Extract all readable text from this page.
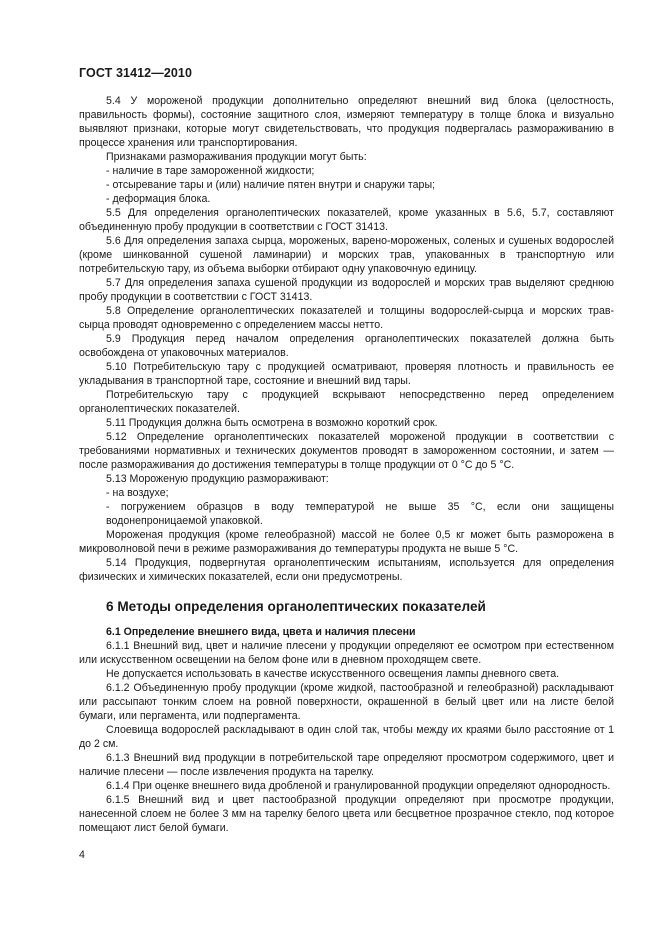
ГОСТ 31412—2010

5.4 У мороженой продукции дополнительно определяют внешний вид блока (целостность, правильность формы), состояние защитного слоя, измеряют температуру в толще блока и визуально выявляют признаки, которые могут свидетельствовать, что продукция подвергалась размораживанию в процессе хранения или транспортирования.

Признаками размораживания продукции могут быть:

- наличие в таре замороженной жидкости;

- отсыревание тары и (или) наличие пятен внутри и снаружи тары;

- деформация блока.

5.5 Для определения органолептических показателей, кроме указанных в 5.6, 5.7, составляют объединенную пробу продукции в соответствии с ГОСТ 31413.

5.6 Для определения запаха сырца, мороженых, варено-мороженых, соленых и сушеных водорослей (кроме шинкованной сушеной ламинарии) и морских трав, упакованных в транспортную или потребительскую тару, из объема выборки отбирают одну упаковочную единицу.

5.7 Для определения запаха сушеной продукции из водорослей и морских трав выделяют среднюю пробу продукции в соответствии с ГОСТ 31413.

5.8 Определение органолептических показателей и толщины водорослей-сырца и морских трав-сырца проводят одновременно с определением массы нетто.

5.9 Продукция перед началом определения органолептических показателей должна быть освобождена от упаковочных материалов.

5.10 Потребительскую тару с продукцией осматривают, проверяя плотность и правильность ее укладывания в транспортной таре, состояние и внешний вид тары.

Потребительскую тару с продукцией вскрывают непосредственно перед определением органолептических показателей.

5.11 Продукция должна быть осмотрена в возможно короткий срок.

5.12 Определение органолептических показателей мороженой продукции в соответствии с требованиями нормативных и технических документов проводят в замороженном состоянии, и затем — после размораживания до достижения температуры в толще продукции от 0 °C до 5 °C.

5.13 Мороженую продукцию размораживают:

- на воздухе;

- погружением образцов в воду температурой не выше 35 °C, если они защищены водонепроницаемой упаковкой.

Мороженая продукция (кроме гелеобразной) массой не более 0,5 кг может быть разморожена в микроволновой печи в режиме размораживания до температуры продукта не выше 5 °C.

5.14 Продукция, подвергнутая органолептическим испытаниям, используется для определения физических и химических показателей, если они предусмотрены.

6 Методы определения органолептических показателей

6.1 Определение внешнего вида, цвета и наличия плесени

6.1.1 Внешний вид, цвет и наличие плесени у продукции определяют ее осмотром при естественном или искусственном освещении на белом фоне или в дневном проходящем свете.

Не допускается использовать в качестве искусственного освещения лампы дневного света.

6.1.2 Объединенную пробу продукции (кроме жидкой, пастообразной и гелеобразной) раскладывают или рассыпают тонким слоем на ровной поверхности, окрашенной в белый цвет или на листе белой бумаги, или пергамента, или подпергамента.

Слоевища водорослей раскладывают в один слой так, чтобы между их краями было расстояние от 1 до 2 см.

6.1.3 Внешний вид продукции в потребительской таре определяют просмотром содержимого, цвет и наличие плесени — после извлечения продукта на тарелку.

6.1.4 При оценке внешнего вида дробленой и гранулированной продукции определяют однородность.

6.1.5 Внешний вид и цвет пастообразной продукции определяют при просмотре продукции, нанесенной слоем не более 3 мм на тарелку белого цвета или бесцветное прозрачное стекло, под которое помещают лист белой бумаги.

4
